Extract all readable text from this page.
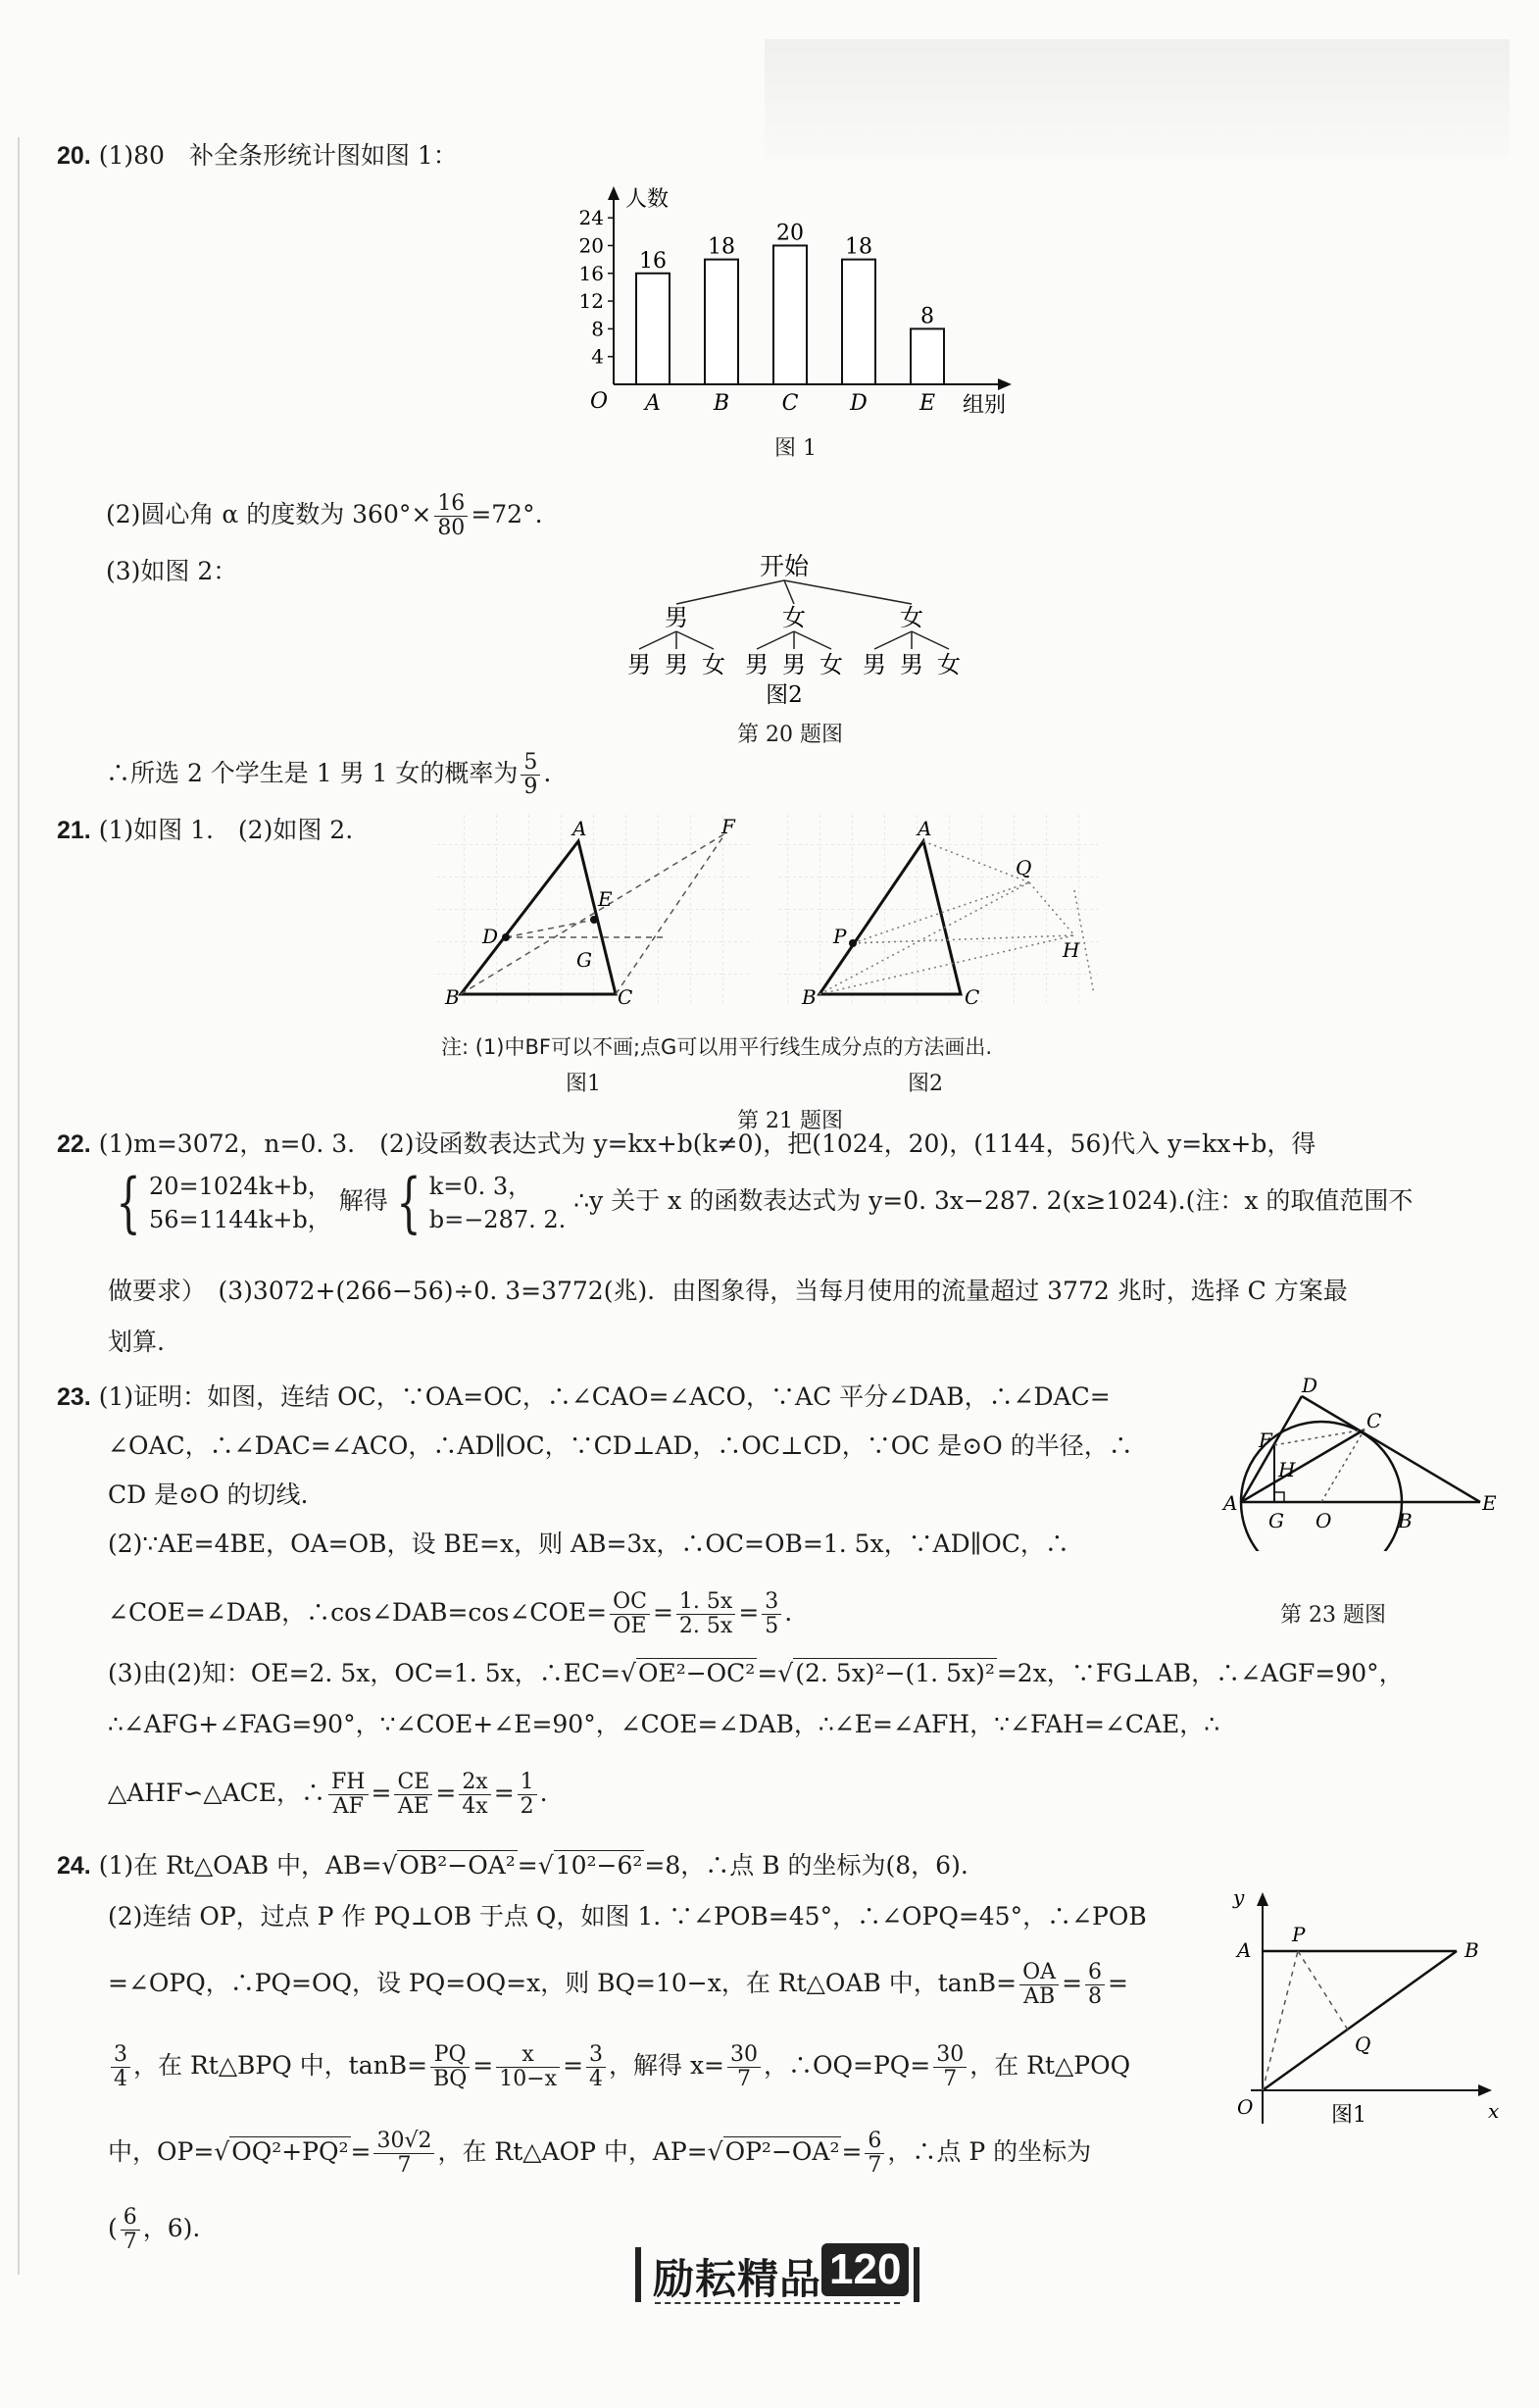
20. (1)80　补全条形统计图如图 1：
人数
组别
O
4
8
12
16
20
24
16
A
18
B
20
C
18
D
8
E
图 1
(2)圆心角 α 的度数为 $360^\circ\times \frac{16}{80} =72^\circ$.
(3)如图 2：	开始
男	女	女
男 男 女 男 男 女 男 男 女
图2
第 20 题图
∴所选 2 个学生是 1 男 1 女的概率为 $\frac{5}{9}$ .
21. (1)如图 1.　(2)如图 2.	A
B	C
D
E
F
G
A
B	C
P
Q
H
注: (1)中BF可以不画;点G可以用平行线生成分点的方法画出.
图1	图2
第 21 题图
22. (1)m=3072，n=0. 3.　(2)设函数表达式为 y=kx+b(k≠0)，把(1024，20)，(1144，56)代入 y=kx+b，得
{ 20=1024k+b，
56=1144k+b，
解得 { k=0. 3，
b=−287. 2.
∴y 关于 x 的函数表达式为 y=0. 3x−287. 2(x≥1024).(注：x 的取值范围不
做要求）　(3)3072+(266−56)÷0. 3=3772(兆)．由图象得，当每月使用的流量超过 3772 兆时，选择 C 方案最
划算.
23. (1)证明：如图，连结 OC，∵OA=OC，∴∠CAO=∠ACO，∵AC 平分∠DAB，∴∠DAC=
∠OAC，∴∠DAC=∠ACO，∴AD∥OC，∵CD⊥AD，∴OC⊥CD，∵OC 是⊙O 的半径，∴
CD 是⊙O 的切线.
(2)∵AE=4BE，OA=OB，设 BE=x，则 AB=3x，∴OC=OB=1. 5x，∵AD∥OC，∴
∠COE=∠DAB，∴cos∠DAB=cos∠COE= $\frac{OC}{OE} = \frac{1. 5x}{2. 5x} = \frac{3}{5}$ .
D
F
C
H
A
G O	B
E
第 23 题图
(3)由(2)知：OE=2. 5x，OC=1. 5x，∴EC=√OE²−OC²=√(2. 5x)²−(1. 5x)²=2x，∵FG⊥AB，∴∠AGF=90°，
∴∠AFG+∠FAG=90°，∵∠COE+∠E=90°，∠COE=∠DAB，∴∠E=∠AFH，∵∠FAH=∠CAE，∴
△AHF∽△ACE，∴ $\frac{FH}{AF} = \frac{CE}{AE} = \frac{2x}{4x} = \frac{1}{2}$ .
24. (1)在 Rt△OAB 中，AB=√OB²−OA²=√10²−6²=8，∴点 B 的坐标为(8，6).
(2)连结 OP，过点 P 作 PQ⊥OB 于点 Q，如图 1. ∵∠POB=45°，∴∠OPQ=45°，∴∠POB
=∠OPQ，∴PQ=OQ，设 PQ=OQ=x，则 BQ=10−x，在 Rt△OAB 中，$\tan B= \frac{OA}{AB} = \frac{6}{8}$ =
$\frac{3}{4}$ ，在 Rt△BPQ 中，$\tan B= \frac{PQ}{BQ} = \frac{x}{10-x} = \frac{3}{4}$ ，解得 $x= \frac{30}{7}$ ，∴OQ=PQ= $\frac{30}{7}$ ，在 Rt△POQ
中，$OP=√OQ^2+PQ^2= \frac{30√2}{7}$ ，在 Rt△AOP 中，$AP=√OP^2-OA^2= \frac{6}{7}$ ，∴点 P 的坐标为
( $\frac{6}{7}$ ，6).
y
x
O
A	B
P
Q
图1
励耘精品 120
